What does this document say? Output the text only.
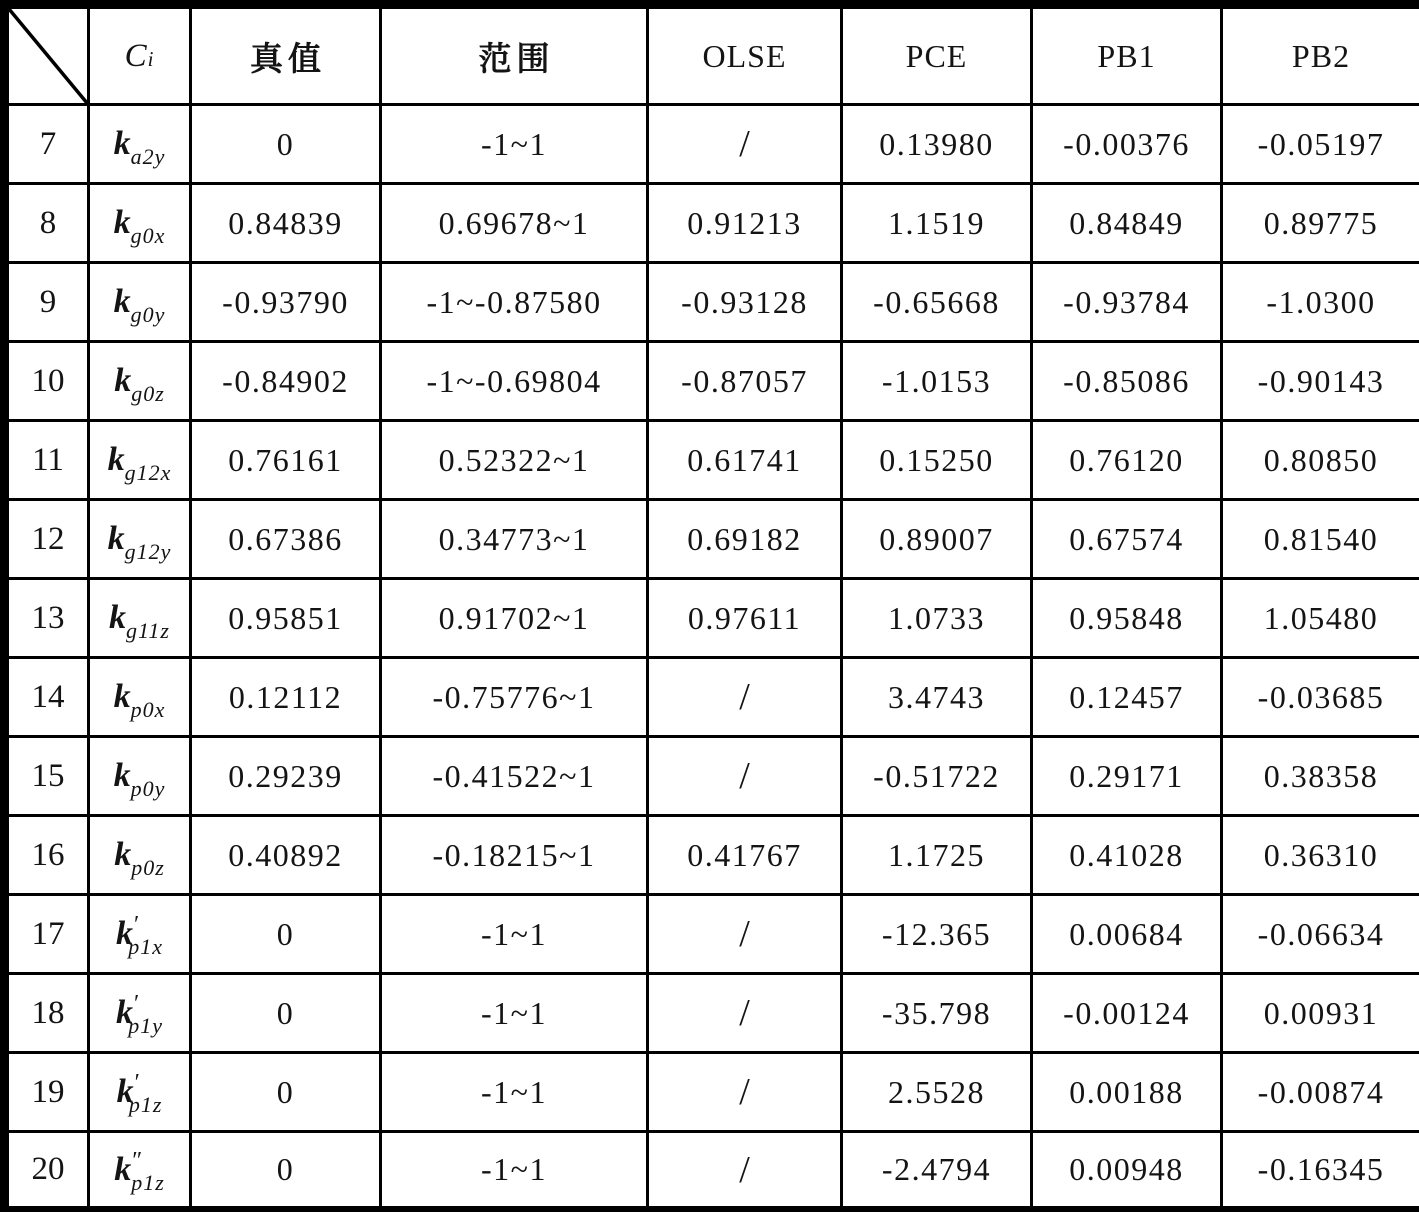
	Ci	真值	范围	OLSE	PCE	PB1	PB2
7	$k_{a2y}$	0	-1~1	/	0.13980	-0.00376	-0.05197
8	$k_{g0x}$	0.84839	0.69678~1	0.91213	1.1519	0.84849	0.89775
9	$k_{g0y}$	-0.93790	-1~-0.87580	-0.93128	-0.65668	-0.93784	-1.0300
10	$k_{g0z}$	-0.84902	-1~-0.69804	-0.87057	-1.0153	-0.85086	-0.90143
11	$k_{g12x}$	0.76161	0.52322~1	0.61741	0.15250	0.76120	0.80850
12	$k_{g12y}$	0.67386	0.34773~1	0.69182	0.89007	0.67574	0.81540
13	$k_{g11z}$	0.95851	0.91702~1	0.97611	1.0733	0.95848	1.05480
14	$k_{p0x}$	0.12112	-0.75776~1	/	3.4743	0.12457	-0.03685
15	$k_{p0y}$	0.29239	-0.41522~1	/	-0.51722	0.29171	0.38358
16	$k_{p0z}$	0.40892	-0.18215~1	0.41767	1.1725	0.41028	0.36310
17	$k'_{p1x}$	0	-1~1	/	-12.365	0.00684	-0.06634
18	$k'_{p1y}$	0	-1~1	/	-35.798	-0.00124	0.00931
19	$k'_{p1z}$	0	-1~1	/	2.5528	0.00188	-0.00874
20	$k''_{p1z}$	0	-1~1	/	-2.4794	0.00948	-0.16345
